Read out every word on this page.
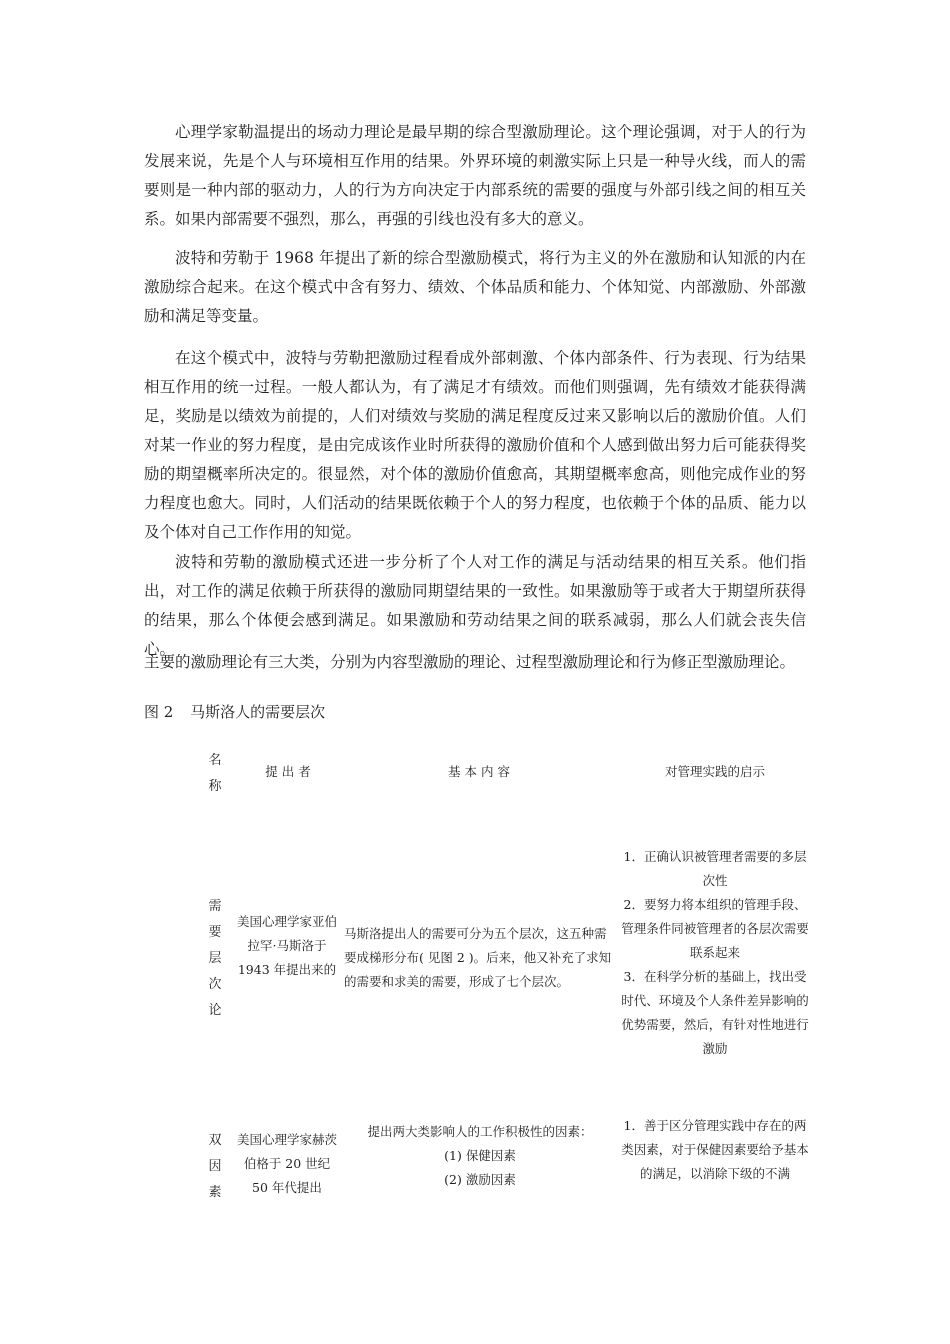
心理学家勒温提出的场动力理论是最早期的综合型激励理论。这个理论强调，对于人的行为发展来说，先是个人与环境相互作用的结果。外界环境的刺激实际上只是一种导火线，而人的需要则是一种内部的驱动力，人的行为方向决定于内部系统的需要的强度与外部引线之间的相互关系。如果内部需要不强烈，那么，再强的引线也没有多大的意义。

波特和劳勒于 1968 年提出了新的综合型激励模式，将行为主义的外在激励和认知派的内在激励综合起来。在这个模式中含有努力、绩效、个体品质和能力、个体知觉、内部激励、外部激励和满足等变量。

在这个模式中，波特与劳勒把激励过程看成外部刺激、个体内部条件、行为表现、行为结果相互作用的统一过程。一般人都认为，有了满足才有绩效。而他们则强调，先有绩效才能获得满足，奖励是以绩效为前提的，人们对绩效与奖励的满足程度反过来又影响以后的激励价值。人们对某一作业的努力程度，是由完成该作业时所获得的激励价值和个人感到做出努力后可能获得奖励的期望概率所决定的。很显然，对个体的激励价值愈高，其期望概率愈高，则他完成作业的努力程度也愈大。同时，人们活动的结果既依赖于个人的努力程度，也依赖于个体的品质、能力以及个体对自己工作作用的知觉。

波特和劳勒的激励模式还进一步分析了个人对工作的满足与活动结果的相互关系。他们指出，对工作的满足依赖于所获得的激励同期望结果的一致性。如果激励等于或者大于期望所获得的结果，那么个体便会感到满足。如果激励和劳动结果之间的联系减弱，那么人们就会丧失信心。

主要的激励理论有三大类，分别为内容型激励的理论、过程型激励理论和行为修正型激励理论。

图 2 马斯洛人的需要层次

名
称
提 出 者	基 本 内 容	对管理实践的启示
需
要
层
次
论
美国心理学家亚伯拉罕·马斯洛于 1943 年提出来的
马斯洛提出人的需要可分为五个层次，这五种需要成梯形分布( 见图 2 )。后来，他又补充了求知的需要和求美的需要，形成了七个层次。
1．正确认识被管理者需要的多层次性
2．要努力将本组织的管理手段、管理条件同被管理者的各层次需要联系起来
3．在科学分析的基础上，找出受时代、环境及个人条件差异影响的优势需要，然后，有针对性地进行激励
双
因
素
美国心理学家赫茨伯格于 20 世纪 50 年代提出
提出两大类影响人的工作积极性的因素：
(1) 保健因素
(2) 激励因素
1．善于区分管理实践中存在的两类因素，对于保健因素要给予基本的满足，以消除下级的不满
